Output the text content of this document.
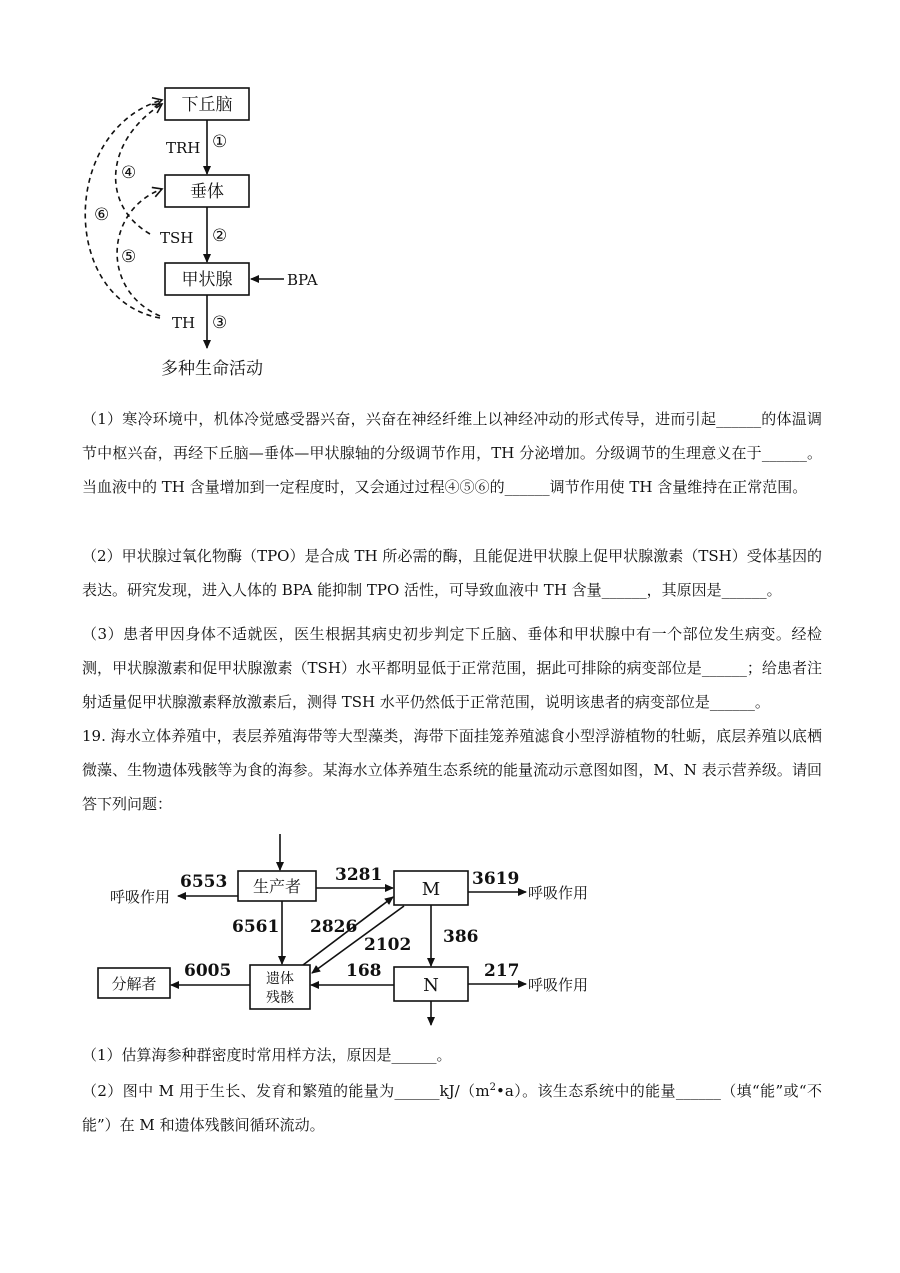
下丘脑
垂体
甲状腺	BPA
TRH ①
TSH ②
TH ③
④
⑥
⑤
多种生命活动
（1）寒冷环境中，机体冷觉感受器兴奋，兴奋在神经纤维上以神经冲动的形式传导，进而引起______的体温调节中枢兴奋，再经下丘脑—垂体—甲状腺轴的分级调节作用，TH 分泌增加。分级调节的生理意义在于______。当血液中的 TH 含量增加到一定程度时，又会通过过程④⑤⑥的______调节作用使 TH 含量维持在正常范围。
（2）甲状腺过氧化物酶（TPO）是合成 TH 所必需的酶，且能促进甲状腺上促甲状腺激素（TSH）受体基因的表达。研究发现，进入人体的 BPA 能抑制 TPO 活性，可导致血液中 TH 含量______，其原因是______。
（3）患者甲因身体不适就医，医生根据其病史初步判定下丘脑、垂体和甲状腺中有一个部位发生病变。经检测，甲状腺激素和促甲状腺激素（TSH）水平都明显低于正常范围，据此可排除的病变部位是______；给患者注射适量促甲状腺激素释放激素后，测得 TSH 水平仍然低于正常范围，说明该患者的病变部位是______。
19. 海水立体养殖中，表层养殖海带等大型藻类，海带下面挂笼养殖滤食小型浮游植物的牡蛎，底层养殖以底栖微藻、生物遗体残骸等为食的海参。某海水立体养殖生态系统的能量流动示意图如图，M、N 表示营养级。请回答下列问题：
生产者	M
N
遗体
残骸
分解者
呼吸作用
6553	3281	3619
呼吸作用
6561 2826
2102 386
6005	168	217
呼吸作用
（1）估算海参种群密度时常用样方法，原因是______。
（2）图中 M 用于生长、发育和繁殖的能量为$\_\_\_\_\_\_kJ/(m^2•a)$。该生态系统中的能量______（填“能”或“不能”）在 M 和遗体残骸间循环流动。
